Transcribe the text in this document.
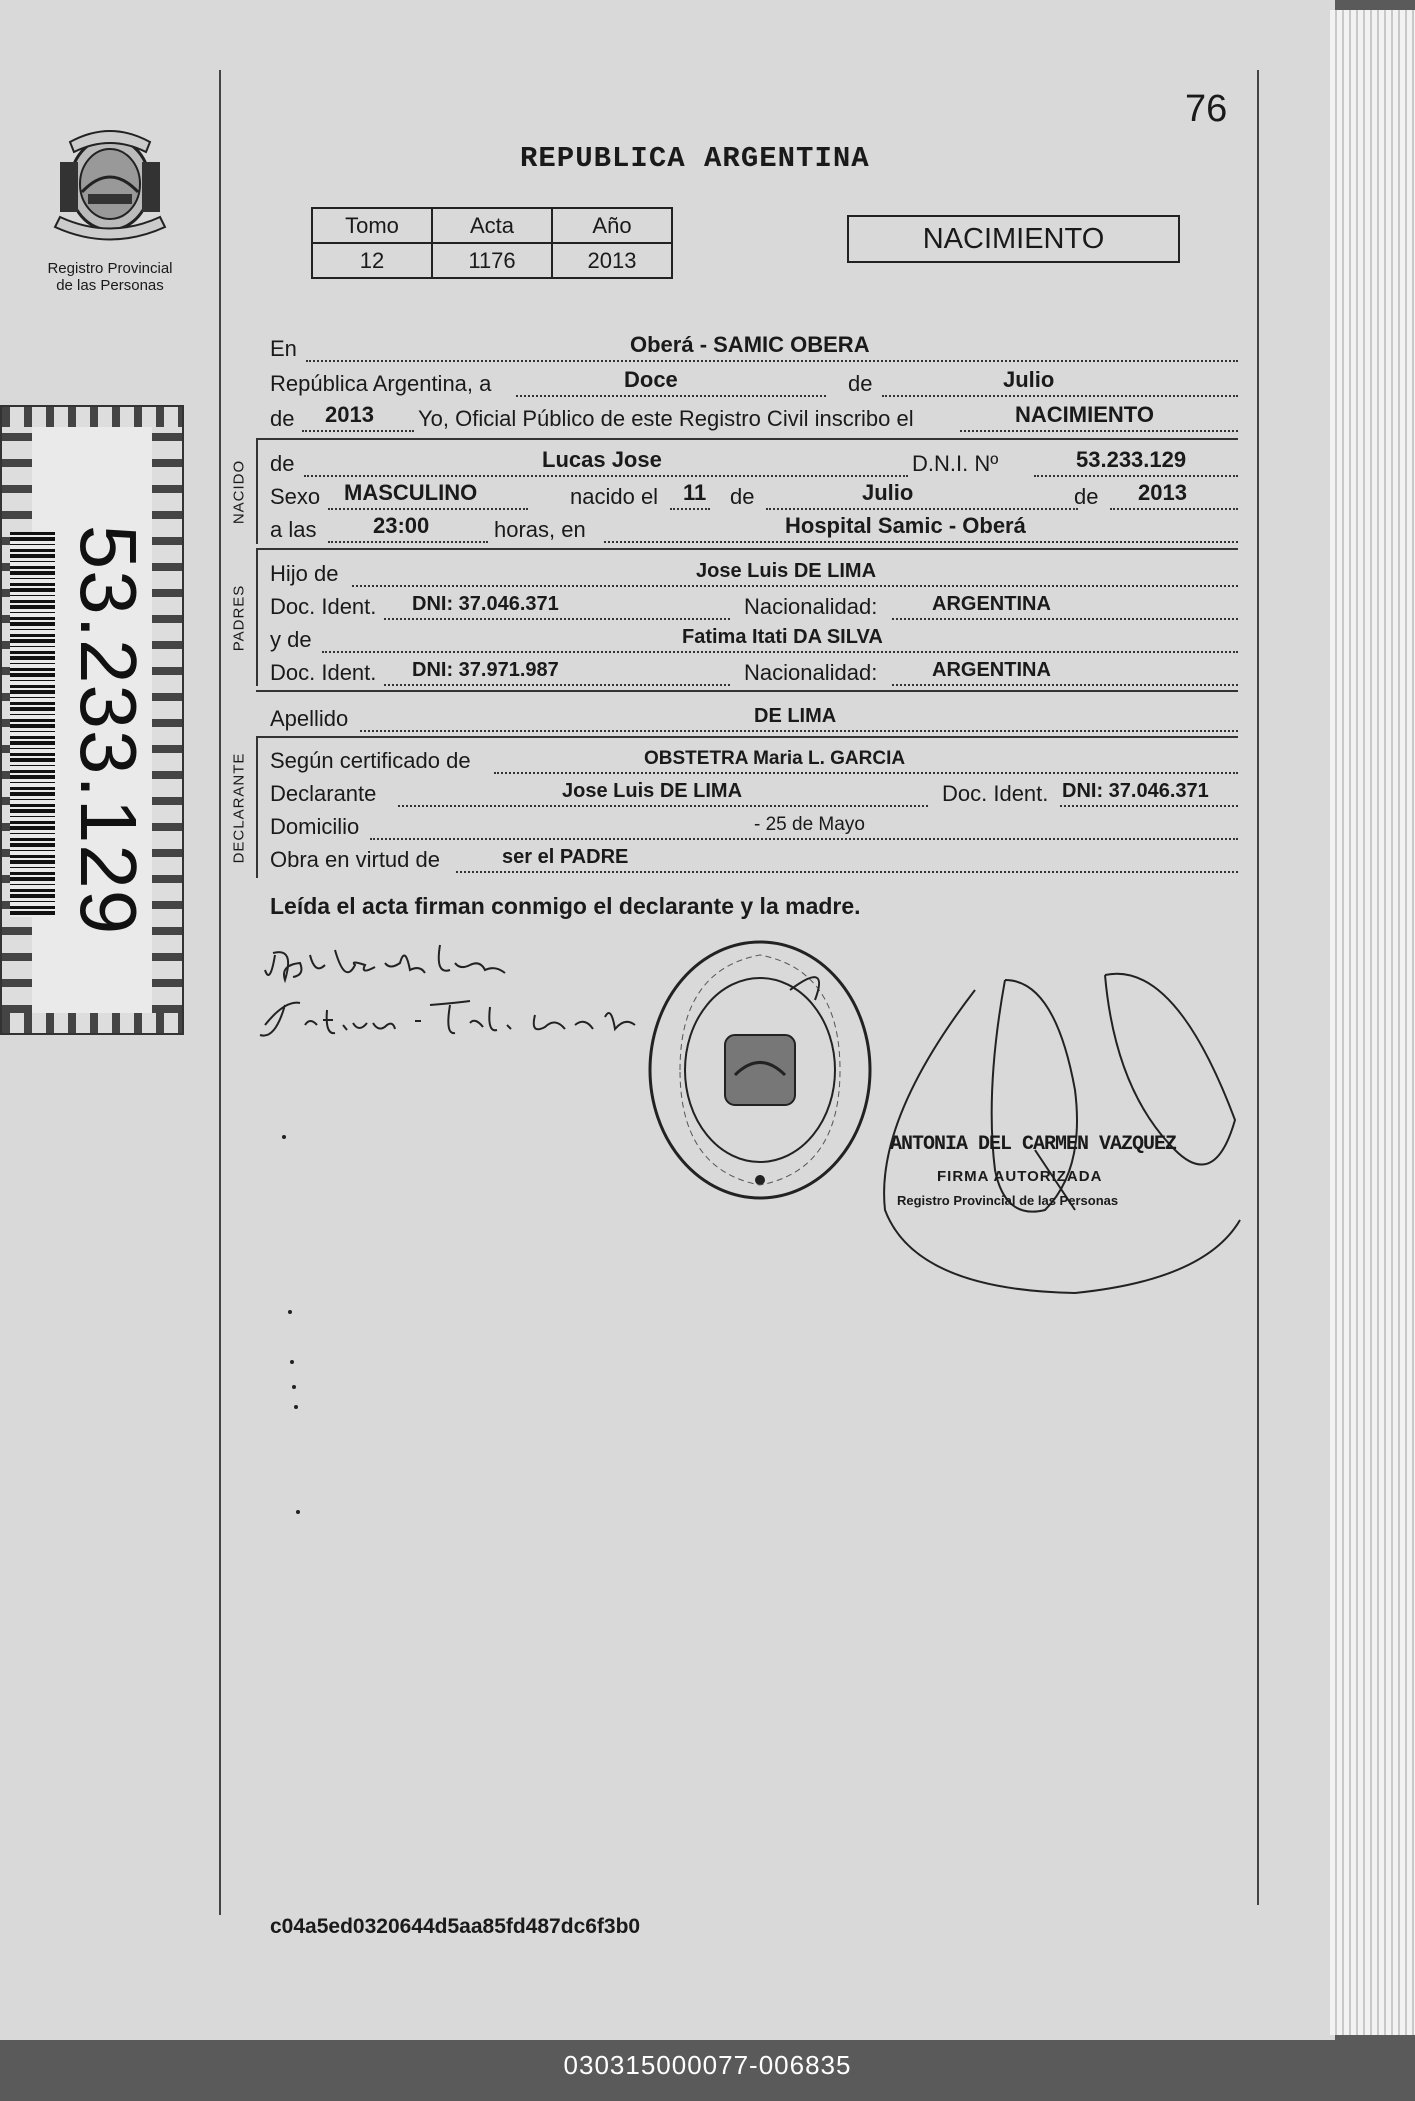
Registro Provincial
de las Personas
53.233.129
76
REPUBLICA ARGENTINA
Tomo	Acta	Año
12	1176	2013
NACIMIENTO
En	Oberá - SAMIC OBERA
República Argentina, a	Doce	de	Julio
de 2013 Yo, Oficial Público de este Registro Civil inscribo el	NACIMIENTO
NACIDO de	Lucas Jose	D.N.I. Nº	53.233.129
Sexo MASCULINO	nacido el 11 de	Julio	de 2013
a las	23:00	horas, en	Hospital Samic - Oberá
PADRES
Hijo de	Jose Luis DE LIMA
Doc. Ident. DNI: 37.046.371	Nacionalidad:	ARGENTINA
y de	Fatima Itati DA SILVA
Doc. Ident. DNI: 37.971.987	Nacionalidad:	ARGENTINA
Apellido	DE LIMA
DECLARANTE Según certificado de	OBSTETRA Maria L. GARCIA
Declarante	Jose Luis DE LIMA	Doc. Ident. DNI: 37.046.371
Domicilio	- 25 de Mayo
Obra en virtud de	ser el PADRE
Leída el acta firman conmigo el declarante y la madre.
ANTONIA DEL CARMEN VAZQUEZ
FIRMA AUTORIZADA
Registro Provincial de las Personas
c04a5ed0320644d5aa85fd487dc6f3b0
030315000077-006835
